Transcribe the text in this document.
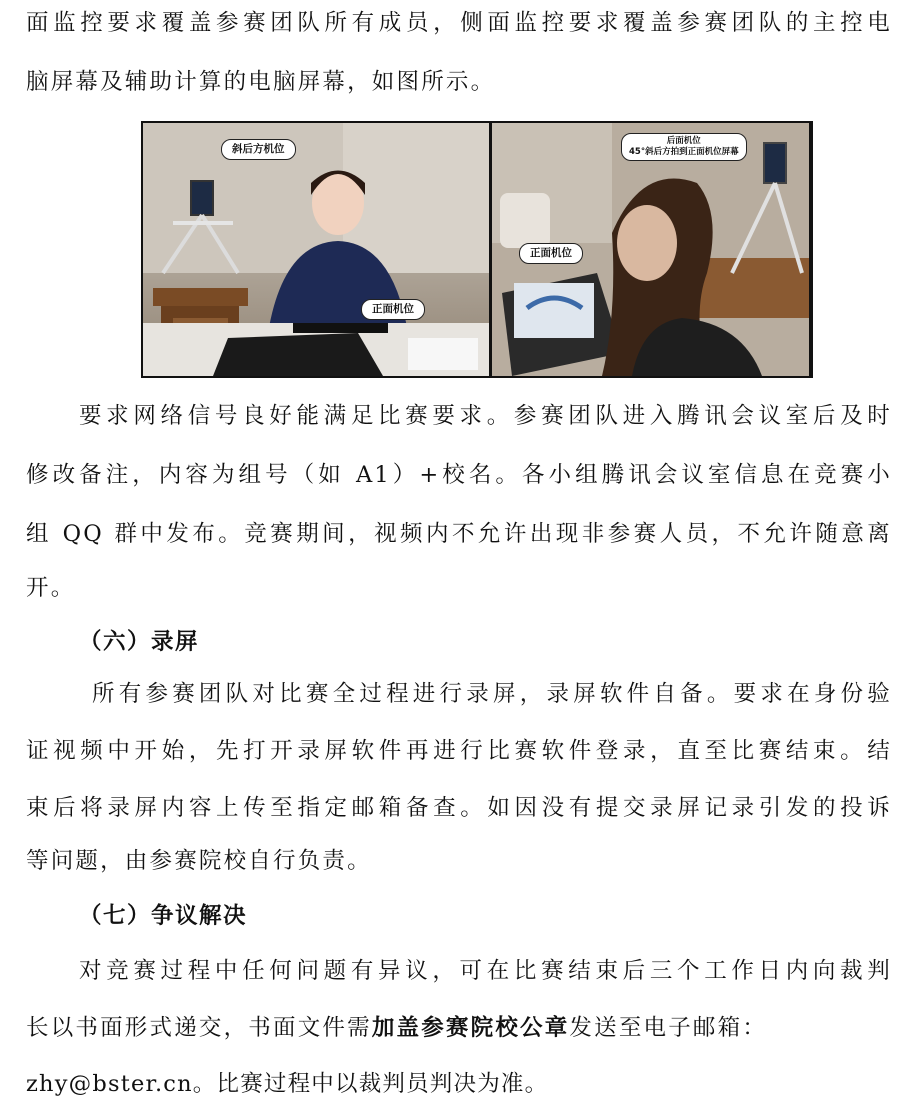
面监控要求覆盖参赛团队所有成员，侧面监控要求覆盖参赛团队的主控电
脑屏幕及辅助计算的电脑屏幕，如图所示。
斜后方机位
正面机位
后面机位
45°斜后方拍到正面机位屏幕
正面机位
要求网络信号良好能满足比赛要求。参赛团队进入腾讯会议室后及时
修改备注，内容为组号（如 A1）+校名。各小组腾讯会议室信息在竞赛小
组 QQ 群中发布。竞赛期间，视频内不允许出现非参赛人员，不允许随意离
开。
（六）录屏
所有参赛团队对比赛全过程进行录屏，录屏软件自备。要求在身份验
证视频中开始，先打开录屏软件再进行比赛软件登录，直至比赛结束。结
束后将录屏内容上传至指定邮箱备查。如因没有提交录屏记录引发的投诉
等问题，由参赛院校自行负责。
（七）争议解决
对竞赛过程中任何问题有异议，可在比赛结束后三个工作日内向裁判
长以书面形式递交，书面文件需加盖参赛院校公章发送至电子邮箱：
zhy@bster.cn。比赛过程中以裁判员判决为准。
